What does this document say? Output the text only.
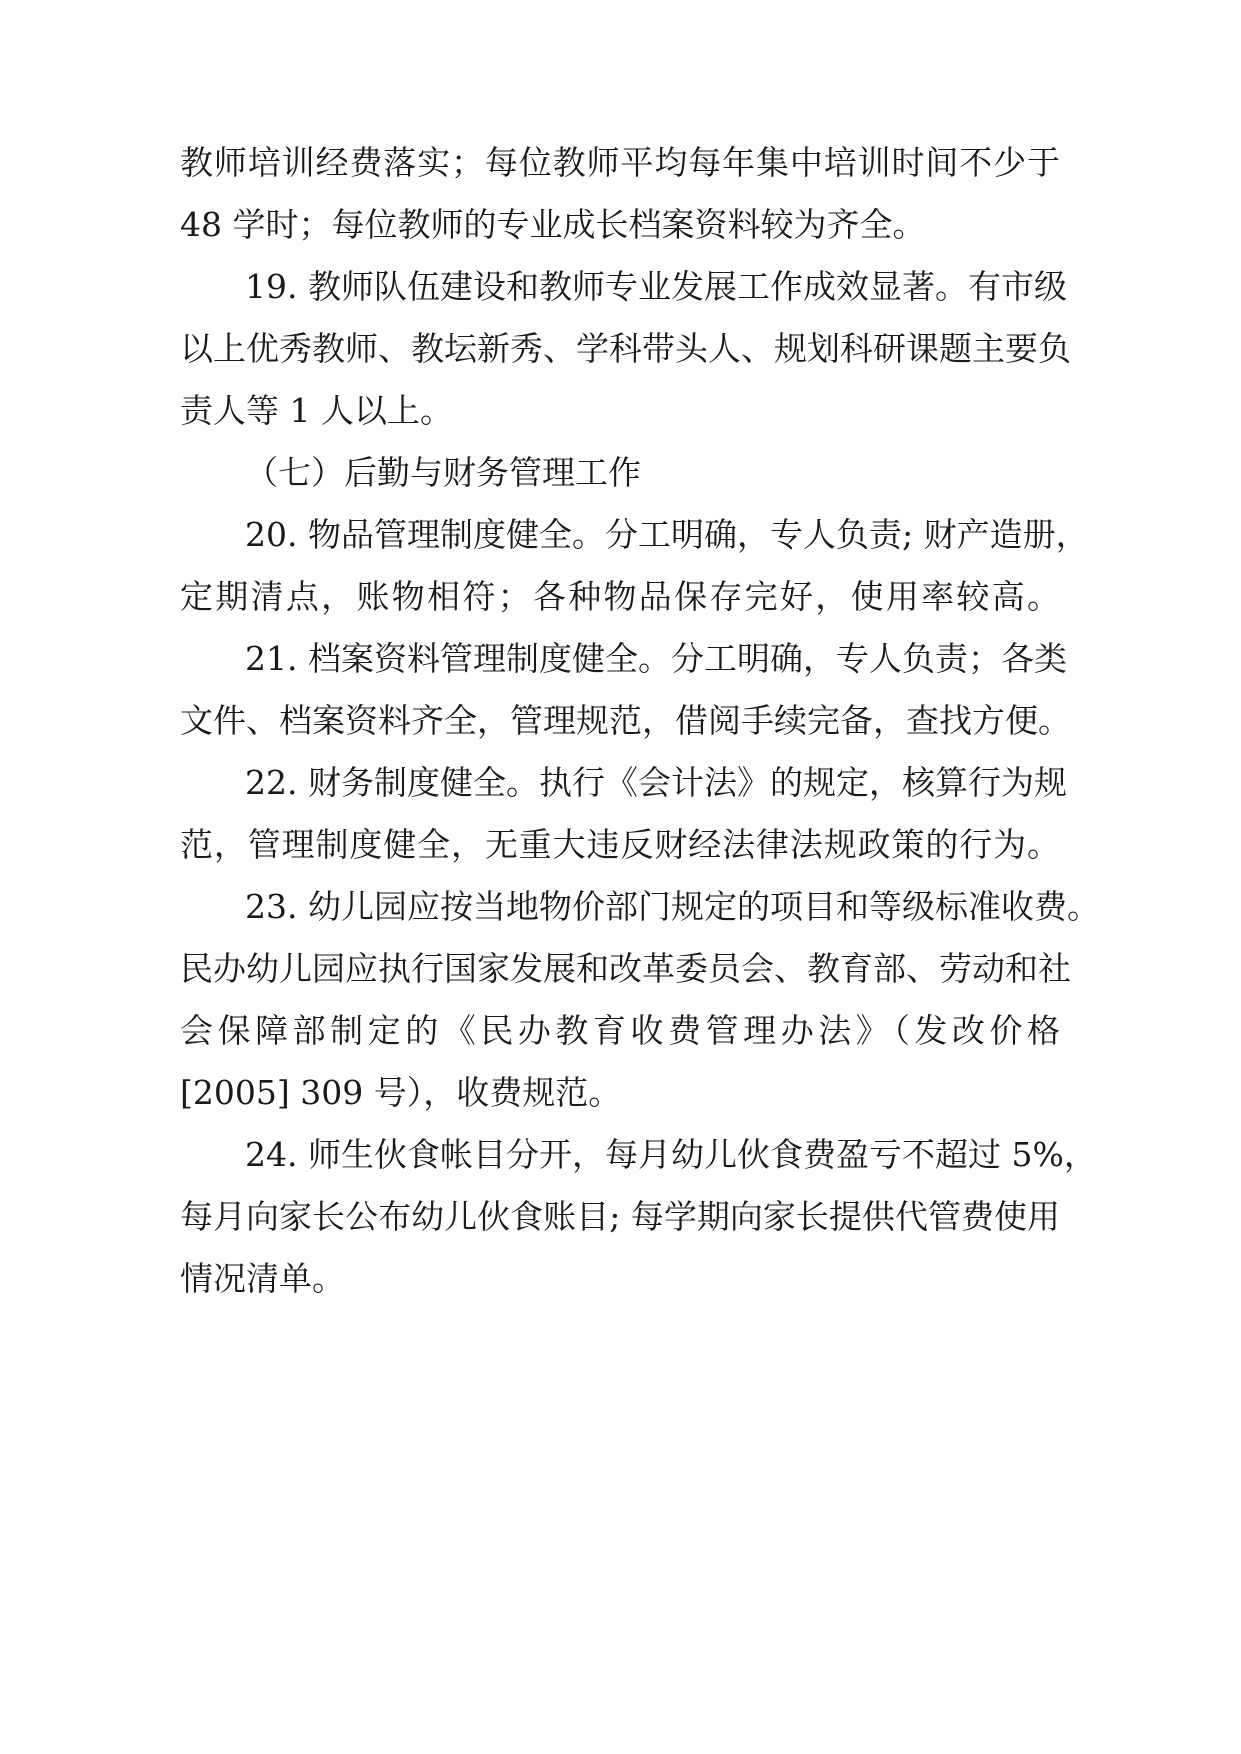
教师培训经费落实；每位教师平均每年集中培训时间不少于
48 学时；每位教师的专业成长档案资料较为齐全。
19. 教师队伍建设和教师专业发展工作成效显著。有市级
以上优秀教师、教坛新秀、学科带头人、规划科研课题主要负
责人等 1 人以上。
（七）后勤与财务管理工作
20. 物品管理制度健全。分工明确，专人负责; 财产造册，
定期清点，账物相符；各种物品保存完好，使用率较高。
21. 档案资料管理制度健全。分工明确，专人负责；各类
文件、档案资料齐全，管理规范，借阅手续完备，查找方便。
22. 财务制度健全。执行《会计法》的规定，核算行为规
范，管理制度健全，无重大违反财经法律法规政策的行为。
23. 幼儿园应按当地物价部门规定的项目和等级标准收费。
民办幼儿园应执行国家发展和改革委员会、教育部、劳动和社
会保障部制定的《民办教育收费管理办法》（发改价格
[2005] 309 号），收费规范。
24. 师生伙食帐目分开，每月幼儿伙食费盈亏不超过 5%，
每月向家长公布幼儿伙食账目; 每学期向家长提供代管费使用
情况清单。
